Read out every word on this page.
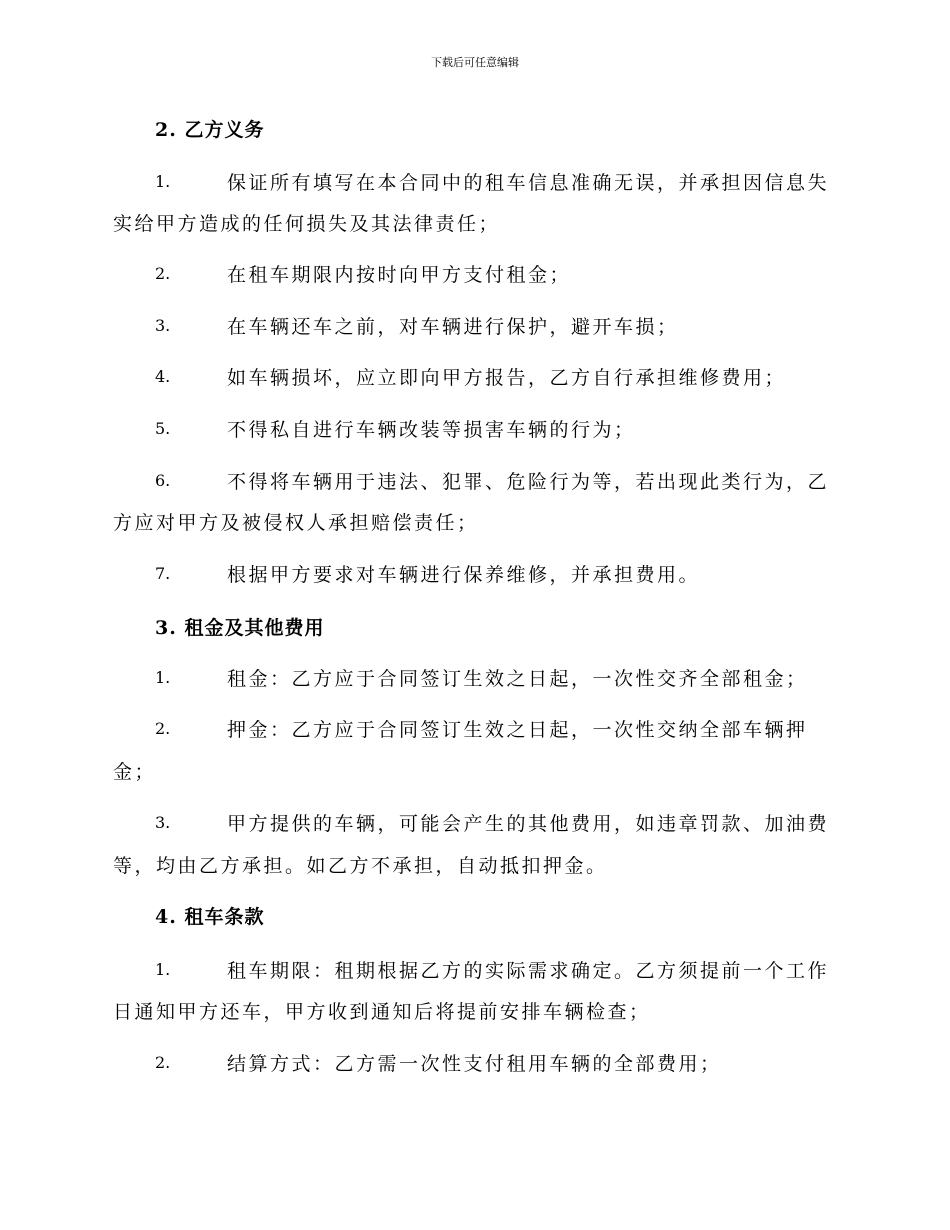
下载后可任意编辑
2. 乙方义务
1.	保证所有填写在本合同中的租车信息准确无误，并承担因信息失
实给甲方造成的任何损失及其法律责任；
2.	在租车期限内按时向甲方支付租金；
3.	在车辆还车之前，对车辆进行保护，避开车损；
4.	如车辆损坏，应立即向甲方报告，乙方自行承担维修费用；
5.	不得私自进行车辆改装等损害车辆的行为；
6.	不得将车辆用于违法、犯罪、危险行为等，若出现此类行为，乙
方应对甲方及被侵权人承担赔偿责任；
7.	根据甲方要求对车辆进行保养维修，并承担费用。
3. 租金及其他费用
1.	租金：乙方应于合同签订生效之日起，一次性交齐全部租金；
2.	押金：乙方应于合同签订生效之日起，一次性交纳全部车辆押
金；
3.	甲方提供的车辆，可能会产生的其他费用，如违章罚款、加油费
等，均由乙方承担。如乙方不承担，自动抵扣押金。
4. 租车条款
1.	租车期限：租期根据乙方的实际需求确定。乙方须提前一个工作
日通知甲方还车，甲方收到通知后将提前安排车辆检查；
2.	结算方式：乙方需一次性支付租用车辆的全部费用；
